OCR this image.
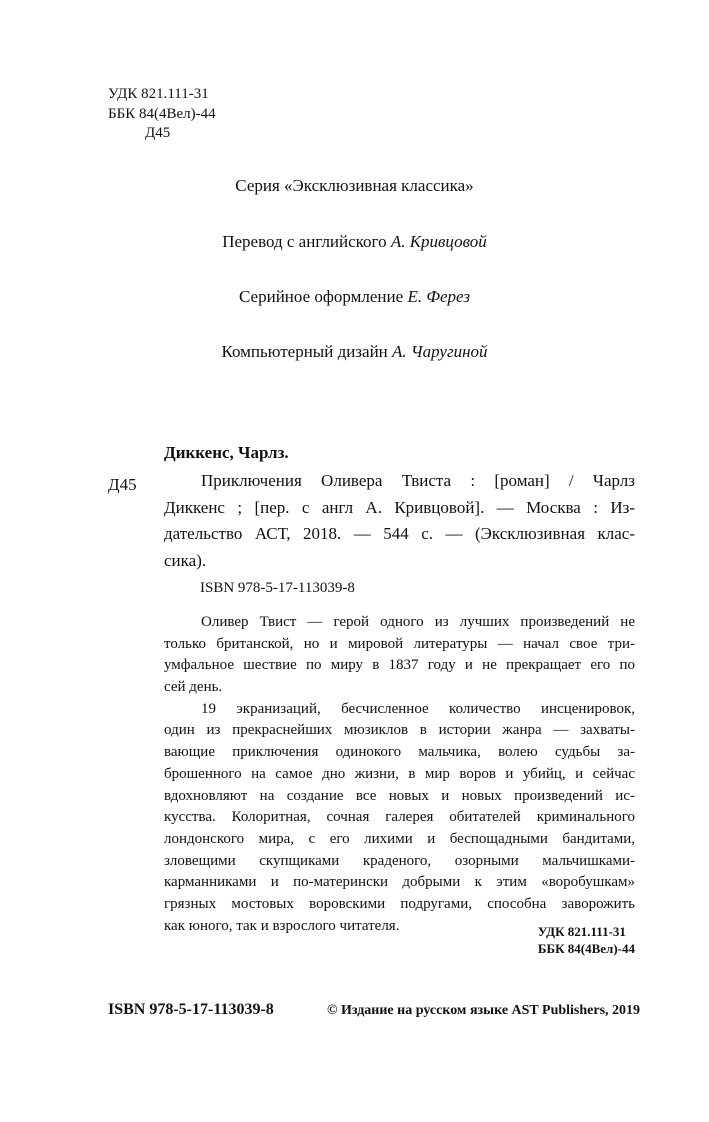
УДК 821.111-31
ББК 84(4Вел)-44
Д45
Серия «Эксклюзивная классика»
Перевод с английского А. Кривцовой
Серийное оформление Е. Ферез
Компьютерный дизайн А. Чаругиной
Диккенс, Чарлз.
Д45	Приключения Оливера Твиста : [роман] / Чарлз
Диккенс ; [пер. с англ А. Кривцовой]. — Москва : Из-
дательство АСТ, 2018. — 544 с. — (Эксклюзивная клас-
сика).
ISBN 978-5-17-113039-8
Оливер Твист — герой одного из лучших произведений не
только британской, но и мировой литературы — начал свое три-
умфальное шествие по миру в 1837 году и не прекращает его по
сей день.
19 экранизаций, бесчисленное количество инсценировок,
один из прекраснейших мюзиклов в истории жанра — захваты-
вающие приключения одинокого мальчика, волею судьбы за-
брошенного на самое дно жизни, в мир воров и убийц, и сейчас
вдохновляют на создание все новых и новых произведений ис-
кусства. Колоритная, сочная галерея обитателей криминального
лондонского мира, с его лихими и беспощадными бандитами,
зловещими скупщиками краденого, озорными мальчишками-
карманниками и по-матерински добрыми к этим «воробушкам»
грязных мостовых воровскими подругами, способна заворожить
как юного, так и взрослого читателя.	УДК 821.111-31
ББК 84(4Вел)-44
ISBN 978-5-17-113039-8	© Издание на русском языке AST Publishers, 2019
